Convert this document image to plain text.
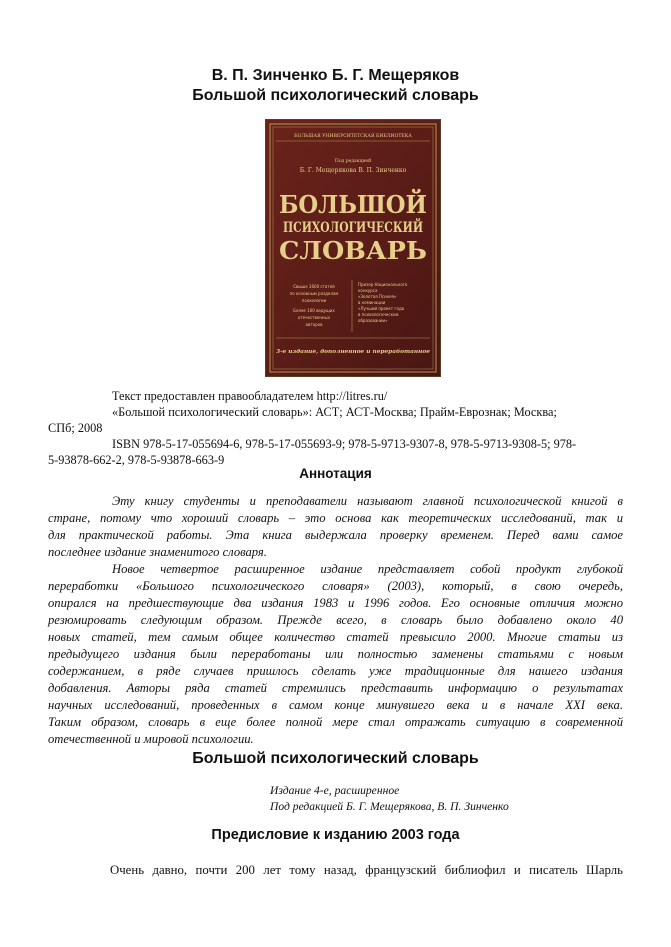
В. П. Зинченко Б. Г. Мещеряков
Большой психологический словарь
БОЛЬШАЯ УНИВЕРСИТЕТСКАЯ БИБЛИОТЕКА
Под редакцией
Б. Г. Мещерякова В. П. Зинченко
БОЛЬШОЙ
ПСИХОЛОГИЧЕСКИЙ
СЛОВАРЬ
Свыше 1600 статей
по основным разделам
психологии
Более 160 ведущих
отечественных
авторов
Призер Национального
конкурса
«Золотая Психея»
в номинации
«Лучший проект года
в психологическом
образовании»
3-е издание, дополненное и переработанное
Текст предоставлен правообладателем http://litres.ru/
«Большой психологический словарь»: АСТ; АСТ-Москва; Прайм-Еврознак; Москва;
СПб; 2008
ISBN 978-5-17-055694-6, 978-5-17-055693-9; 978-5-9713-9307-8, 978-5-9713-9308-5; 978-
5-93878-662-2, 978-5-93878-663-9
Аннотация
Эту книгу студенты и преподаватели называют главной психологической книгой в
стране, потому что хороший словарь – это основа как теоретических исследований, так и
для практической работы. Эта книга выдержала проверку временем. Перед вами самое
последнее издание знаменитого словаря.
Новое четвертое расширенное издание представляет собой продукт глубокой
переработки «Большого психологического словаря» (2003), который, в свою очередь,
опирался на предшествующие два издания 1983 и 1996 годов. Его основные отличия можно
резюмировать следующим образом. Прежде всего, в словарь было добавлено около 40
новых статей, тем самым общее количество статей превысило 2000. Многие статьи из
предыдущего издания были переработаны или полностью заменены статьями с новым
содержанием, в ряде случаев пришлось сделать уже традиционные для нашего издания
добавления. Авторы ряда статей стремились представить информацию о результатах
научных исследований, проведенных в самом конце минувшего века и в начале XXI века.
Таким образом, словарь в еще более полной мере стал отражать ситуацию в современной
отечественной и мировой психологии.
Большой психологический словарь
Издание 4-е, расширенное
Под редакцией Б. Г. Мещерякова, В. П. Зинченко
Предисловие к изданию 2003 года
Очень давно, почти 200 лет тому назад, французский библиофил и писатель Шарль
